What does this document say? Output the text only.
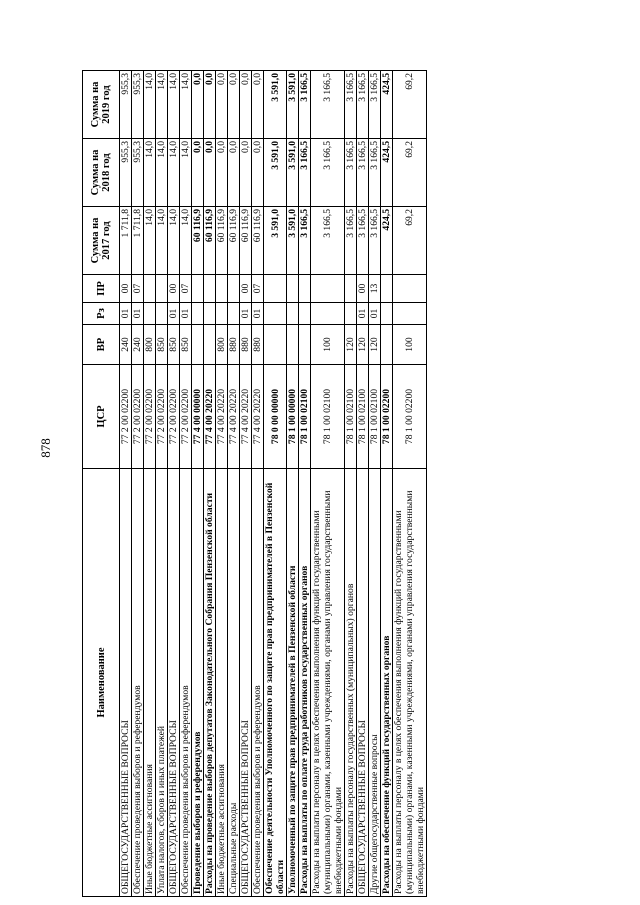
878
Наименование	ЦСР	ВР	Рз	ПР	Сумма на 2017 год	Сумма на 2018 год	Сумма на 2019 год
ОБЩЕГОСУДАРСТВЕННЫЕ ВОПРОСЫ	77 2 00 02200	240	01	00	1 711,8	955,3	955,3
Обеспечение проведения выборов и референдумов	77 2 00 02200	240	01	07	1 711,8	955,3	955,3
Иные бюджетные ассигнования	77 2 00 02200	800			14,0	14,0	14,0
Уплата налогов, сборов и иных платежей	77 2 00 02200	850			14,0	14,0	14,0
ОБЩЕГОСУДАРСТВЕННЫЕ ВОПРОСЫ	77 2 00 02200	850	01	00	14,0	14,0	14,0
Обеспечение проведения выборов и референдумов	77 2 00 02200	850	01	07	14,0	14,0	14,0
Проведение выборов и референдумов	77 4 00 00000				60 116,9	0,0	0,0
Расходы на проведение выборов депутатов Законодательного Собрания Пензенской области	77 4 00 20220				60 116,9	0,0	0,0
Иные бюджетные ассигнования	77 4 00 20220	800			60 116,9	0,0	0,0
Специальные расходы	77 4 00 20220	880			60 116,9	0,0	0,0
ОБЩЕГОСУДАРСТВЕННЫЕ ВОПРОСЫ	77 4 00 20220	880	01	00	60 116,9	0,0	0,0
Обеспечение проведения выборов и референдумов	77 4 00 20220	880	01	07	60 116,9	0,0	0,0
Обеспечение деятельности Уполномоченного по защите прав предпринимателей в Пензенской области	78 0 00 00000				3 591,0	3 591,0	3 591,0
Уполномоченный по защите прав предпринимателей в Пензенской области	78 1 00 00000				3 591,0	3 591,0	3 591,0
Расходы на выплаты по оплате труда работников государственных органов	78 1 00 02100				3 166,5	3 166,5	3 166,5
Расходы на выплаты персоналу в целях обеспечения выполнения функций государственными (муниципальными) органами, казенными учреждениями, органами управления государственными внебюджетными фондами	78 1 00 02100	100			3 166,5	3 166,5	3 166,5
Расходы на выплаты персоналу государственных (муниципальных) органов	78 1 00 02100	120			3 166,5	3 166,5	3 166,5
ОБЩЕГОСУДАРСТВЕННЫЕ ВОПРОСЫ	78 1 00 02100	120	01	00	3 166,5	3 166,5	3 166,5
Другие общегосударственные вопросы	78 1 00 02100	120	01	13	3 166,5	3 166,5	3 166,5
Расходы на обеспечение функций государственных органов	78 1 00 02200				424,5	424,5	424,5
Расходы на выплаты персоналу в целях обеспечения выполнения функций государственными (муниципальными) органами, казенными учреждениями, органами управления государственными внебюджетными фондами	78 1 00 02200	100			69,2	69,2	69,2
